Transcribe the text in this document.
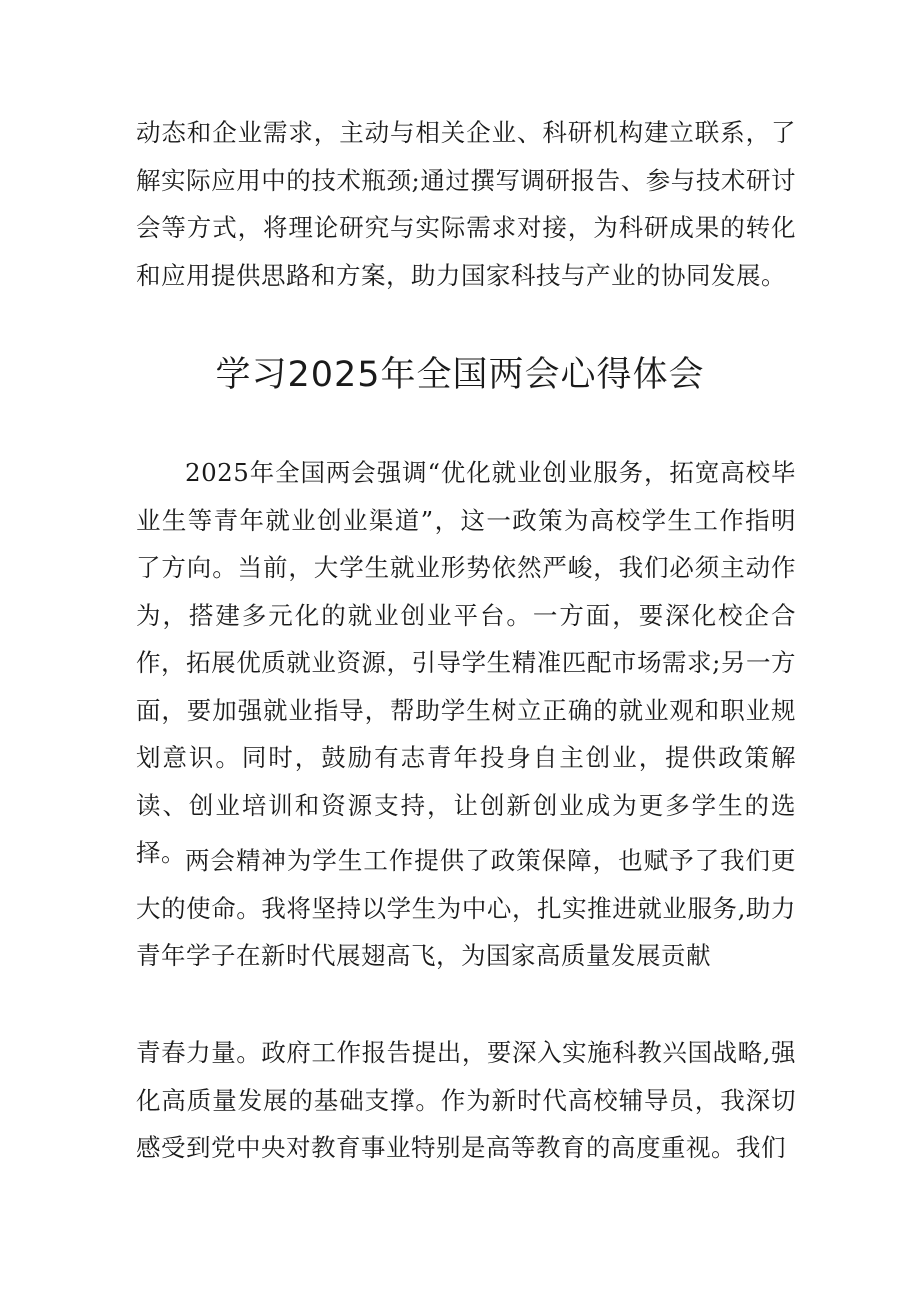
动态和企业需求，主动与相关企业、科研机构建立联系，了解实际应用中的技术瓶颈;通过撰写调研报告、参与技术研讨会等方式，将理论研究与实际需求对接，为科研成果的转化和应用提供思路和方案，助力国家科技与产业的协同发展。

学习2025年全国两会心得体会

2025年全国两会强调“优化就业创业服务，拓宽高校毕业生等青年就业创业渠道”，这一政策为高校学生工作指明了方向。当前，大学生就业形势依然严峻，我们必须主动作为，搭建多元化的就业创业平台。一方面，要深化校企合作，拓展优质就业资源，引导学生精准匹配市场需求;另一方面，要加强就业指导，帮助学生树立正确的就业观和职业规划意识。同时，鼓励有志青年投身自主创业，提供政策解读、创业培训和资源支持，让创新创业成为更多学生的选择。 两会精神为学生工作提供了政策保障，也赋予了我们更大的使命。我将坚持以学生为中心，扎实推进就业服务,助力青年学子在新时代展翅高飞，为国家高质量发展贡献

青春力量。政府工作报告提出，要深入实施科教兴国战略,强化高质量发展的基础支撑。作为新时代高校辅导员，我深切感受到党中央对教育事业特别是高等教育的高度重视。我们
